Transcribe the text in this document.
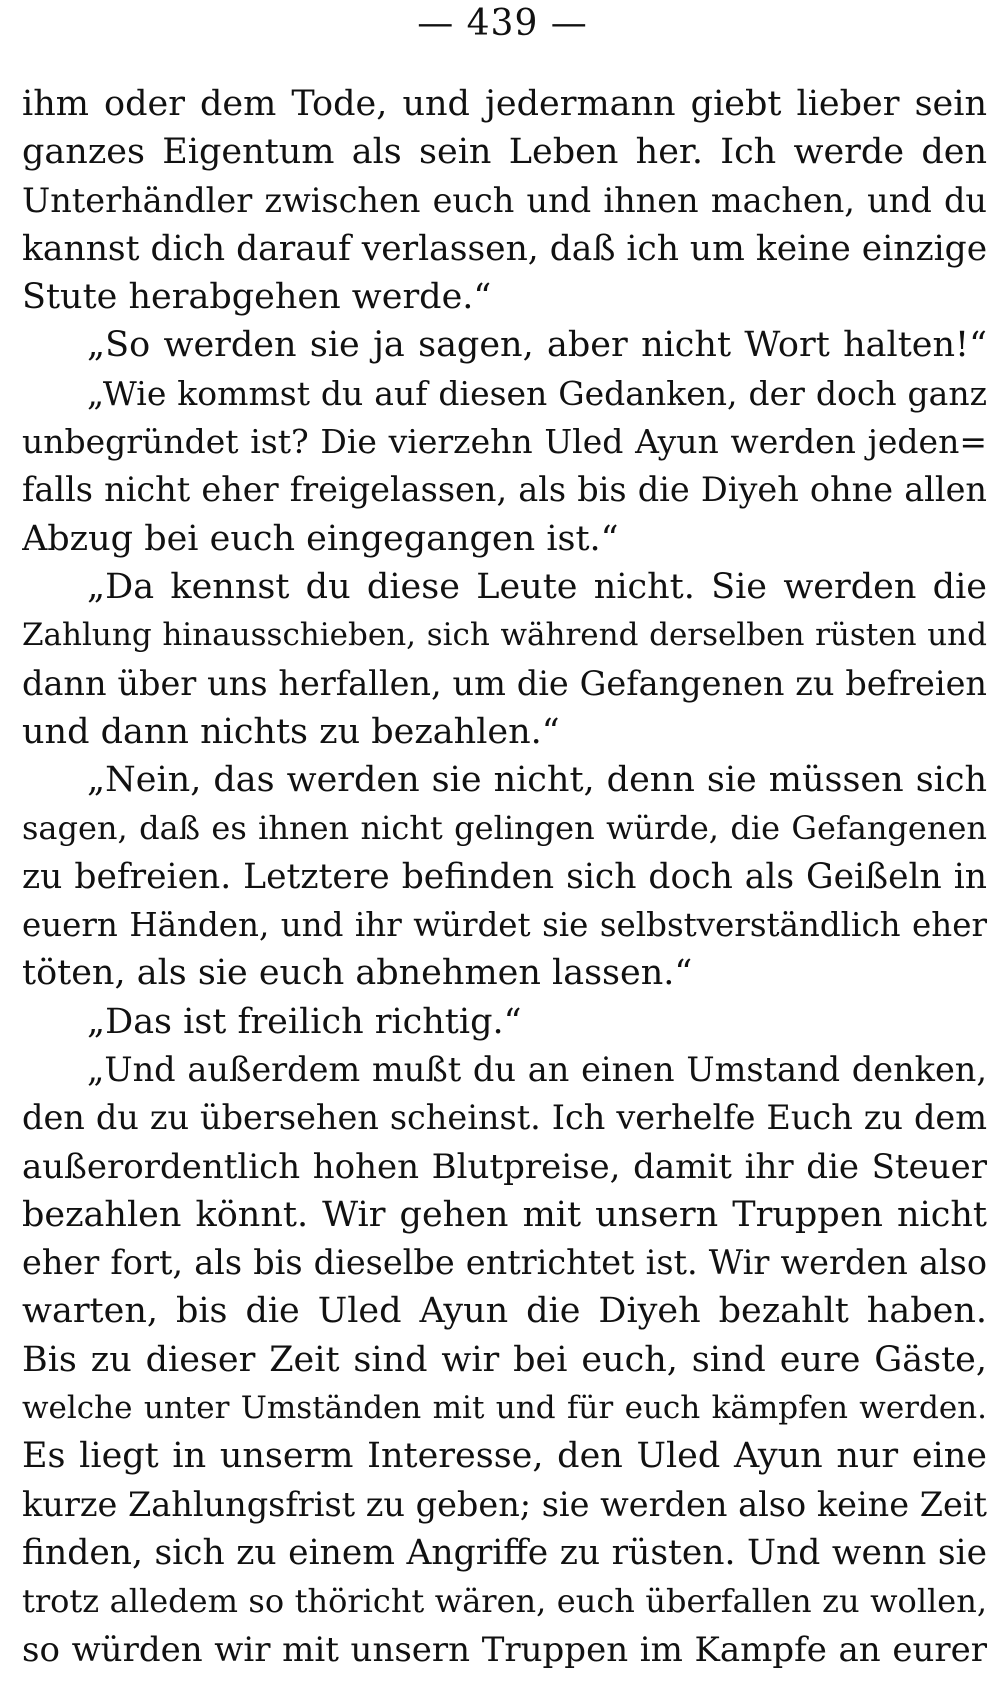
— 439 —
ihm oder dem Tode, und jedermann giebt lieber sein
ganzes Eigentum als sein Leben her. Ich werde den
Unterhändler zwischen euch und ihnen machen, und du
kannst dich darauf verlassen, daß ich um keine einzige
Stute herabgehen werde.“
„So werden sie ja sagen, aber nicht Wort halten!“
„Wie kommst du auf diesen Gedanken, der doch ganz
unbegründet ist? Die vierzehn Uled Ayun werden jeden=
falls nicht eher freigelassen, als bis die Diyeh ohne allen
Abzug bei euch eingegangen ist.“
„Da kennst du diese Leute nicht. Sie werden die
Zahlung hinausschieben, sich während derselben rüsten und
dann über uns herfallen, um die Gefangenen zu befreien
und dann nichts zu bezahlen.“
„Nein, das werden sie nicht, denn sie müssen sich
sagen, daß es ihnen nicht gelingen würde, die Gefangenen
zu befreien. Letztere befinden sich doch als Geißeln in
euern Händen, und ihr würdet sie selbstverständlich eher
töten, als sie euch abnehmen lassen.“
„Das ist freilich richtig.“
„Und außerdem mußt du an einen Umstand denken,
den du zu übersehen scheinst. Ich verhelfe Euch zu dem
außerordentlich hohen Blutpreise, damit ihr die Steuer
bezahlen könnt. Wir gehen mit unsern Truppen nicht
eher fort, als bis dieselbe entrichtet ist. Wir werden also
warten, bis die Uled Ayun die Diyeh bezahlt haben.
Bis zu dieser Zeit sind wir bei euch, sind eure Gäste,
welche unter Umständen mit und für euch kämpfen werden.
Es liegt in unserm Interesse, den Uled Ayun nur eine
kurze Zahlungsfrist zu geben; sie werden also keine Zeit
finden, sich zu einem Angriffe zu rüsten. Und wenn sie
trotz alledem so thöricht wären, euch überfallen zu wollen,
so würden wir mit unsern Truppen im Kampfe an eurer
